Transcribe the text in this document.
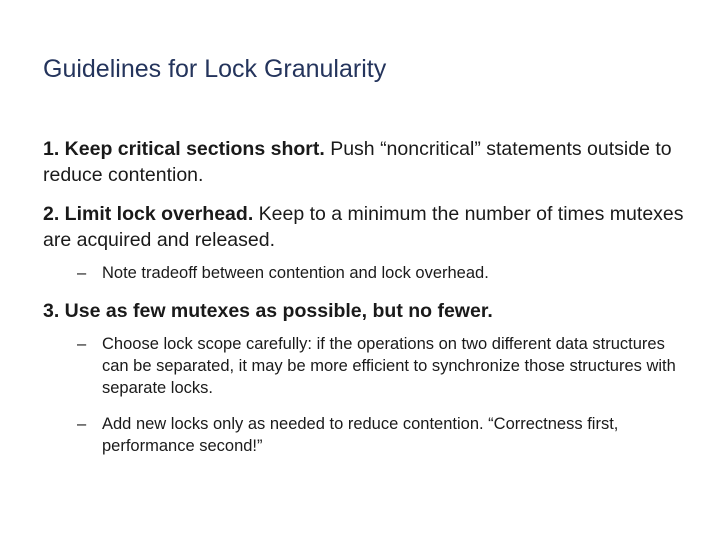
Guidelines for Lock Granularity

1. Keep critical sections short. Push “noncritical” statements outside to reduce contention.

2. Limit lock overhead. Keep to a minimum the number of times mutexes are acquired and released.

– Note tradeoff between contention and lock overhead.

3. Use as few mutexes as possible, but no fewer.

– Choose lock scope carefully: if the operations on two different data structures can be separated, it may be more efficient to synchronize those structures with separate locks.
– Add new locks only as needed to reduce contention. “Correctness first, performance second!”
